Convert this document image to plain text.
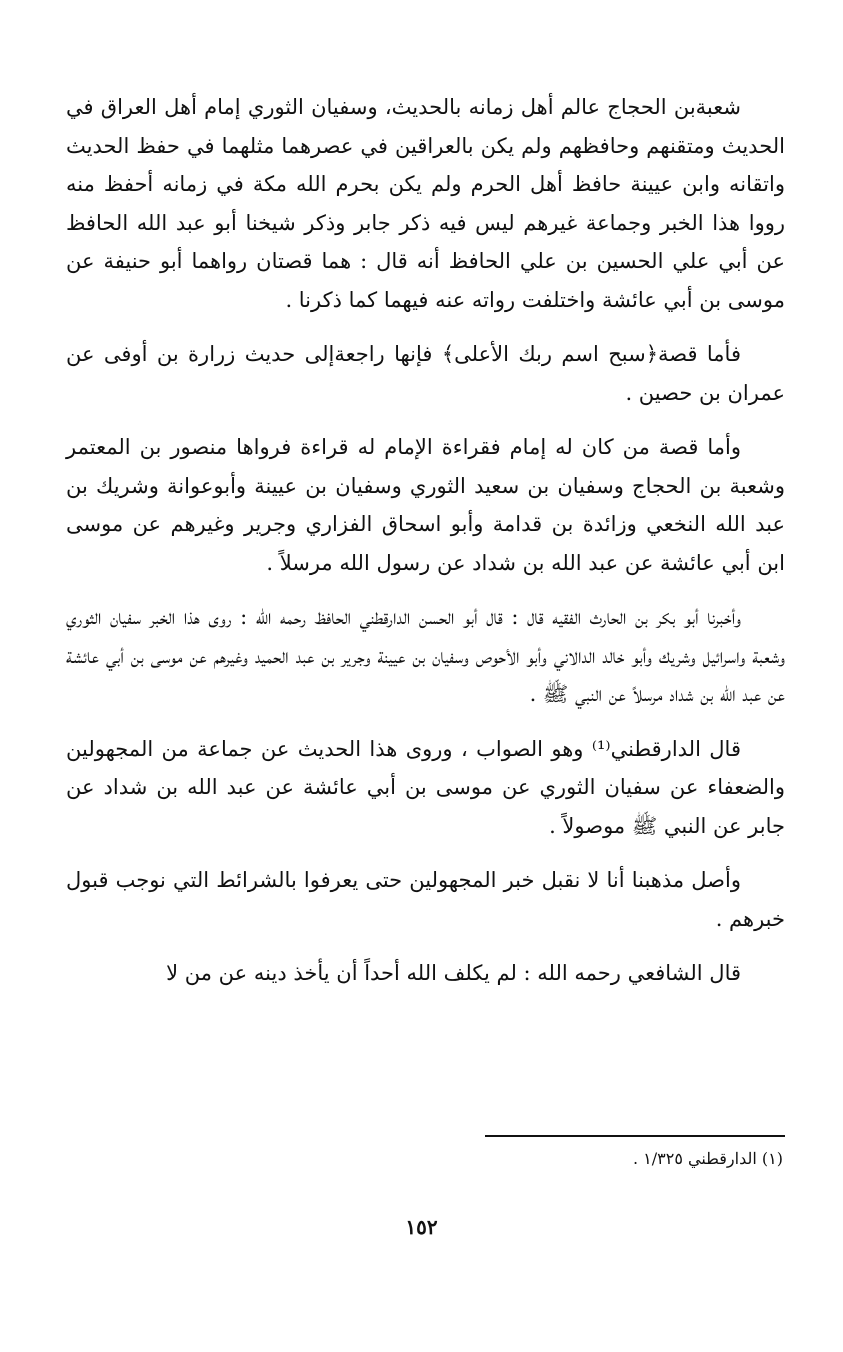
شعبةبن الحجاج عالم أهل زمانه بالحديث، وسفيان الثوري إمام أهل العراق في الحديث ومتقنهم وحافظهم ولم يكن بالعراقين في عصرهما مثلهما في حفظ الحديث واتقانه وابن عيينة حافظ أهل الحرم ولم يكن بحرم الله مكة في زمانه أحفظ منه رووا هذا الخبر وجماعة غيرهم ليس فيه ذكر جابر وذكر شيخنا أبو عبد الله الحافظ عن أبي علي الحسين بن علي الحافظ أنه قال : هما قصتان رواهما أبو حنيفة عن موسى بن أبي عائشة واختلفت رواته عنه فيهما كما ذكرنا .

فأما قصة﴿سبح اسم ربك الأعلى﴾ فإنها راجعةإلى حديث زرارة بن أوفى عن عمران بن حصين .

وأما قصة من كان له إمام فقراءة الإمام له قراءة فرواها منصور بن المعتمر وشعبة بن الحجاج وسفيان بن سعيد الثوري وسفيان بن عيينة وأبوعوانة وشريك بن عبد الله النخعي وزائدة بن قدامة وأبو اسحاق الفزاري وجرير وغيرهم عن موسى ابن أبي عائشة عن عبد الله بن شداد عن رسول الله مرسلاً .

وأخبرنا أبو بكر بن الحارث الفقيه قال : قال أبو الحسن الدارقطني الحافظ رحمه الله : روى هذا الخبر سفيان الثوري وشعبة واسرائيل وشريك وأبو خالد الدالاني وأبو الأحوص وسفيان بن عيينة وجرير بن عبد الحميد وغيرهم عن موسى بن أبي عائشة عن عبد الله بن شداد مرسلاً عن النبي ﷺ .

قال الدارقطني⁽¹⁾ وهو الصواب ، وروى هذا الحديث عن جماعة من المجهولين والضعفاء عن سفيان الثوري عن موسى بن أبي عائشة عن عبد الله بن شداد عن جابر عن النبي ﷺ موصولاً .

وأصل مذهبنا أنا لا نقبل خبر المجهولين حتى يعرفوا بالشرائط التي نوجب قبول خبرهم .

قال الشافعي رحمه الله : لم يكلف الله أحداً أن يأخذ دينه عن من لا

(١) الدارقطني ١/٣٢٥ .
١٥٢
